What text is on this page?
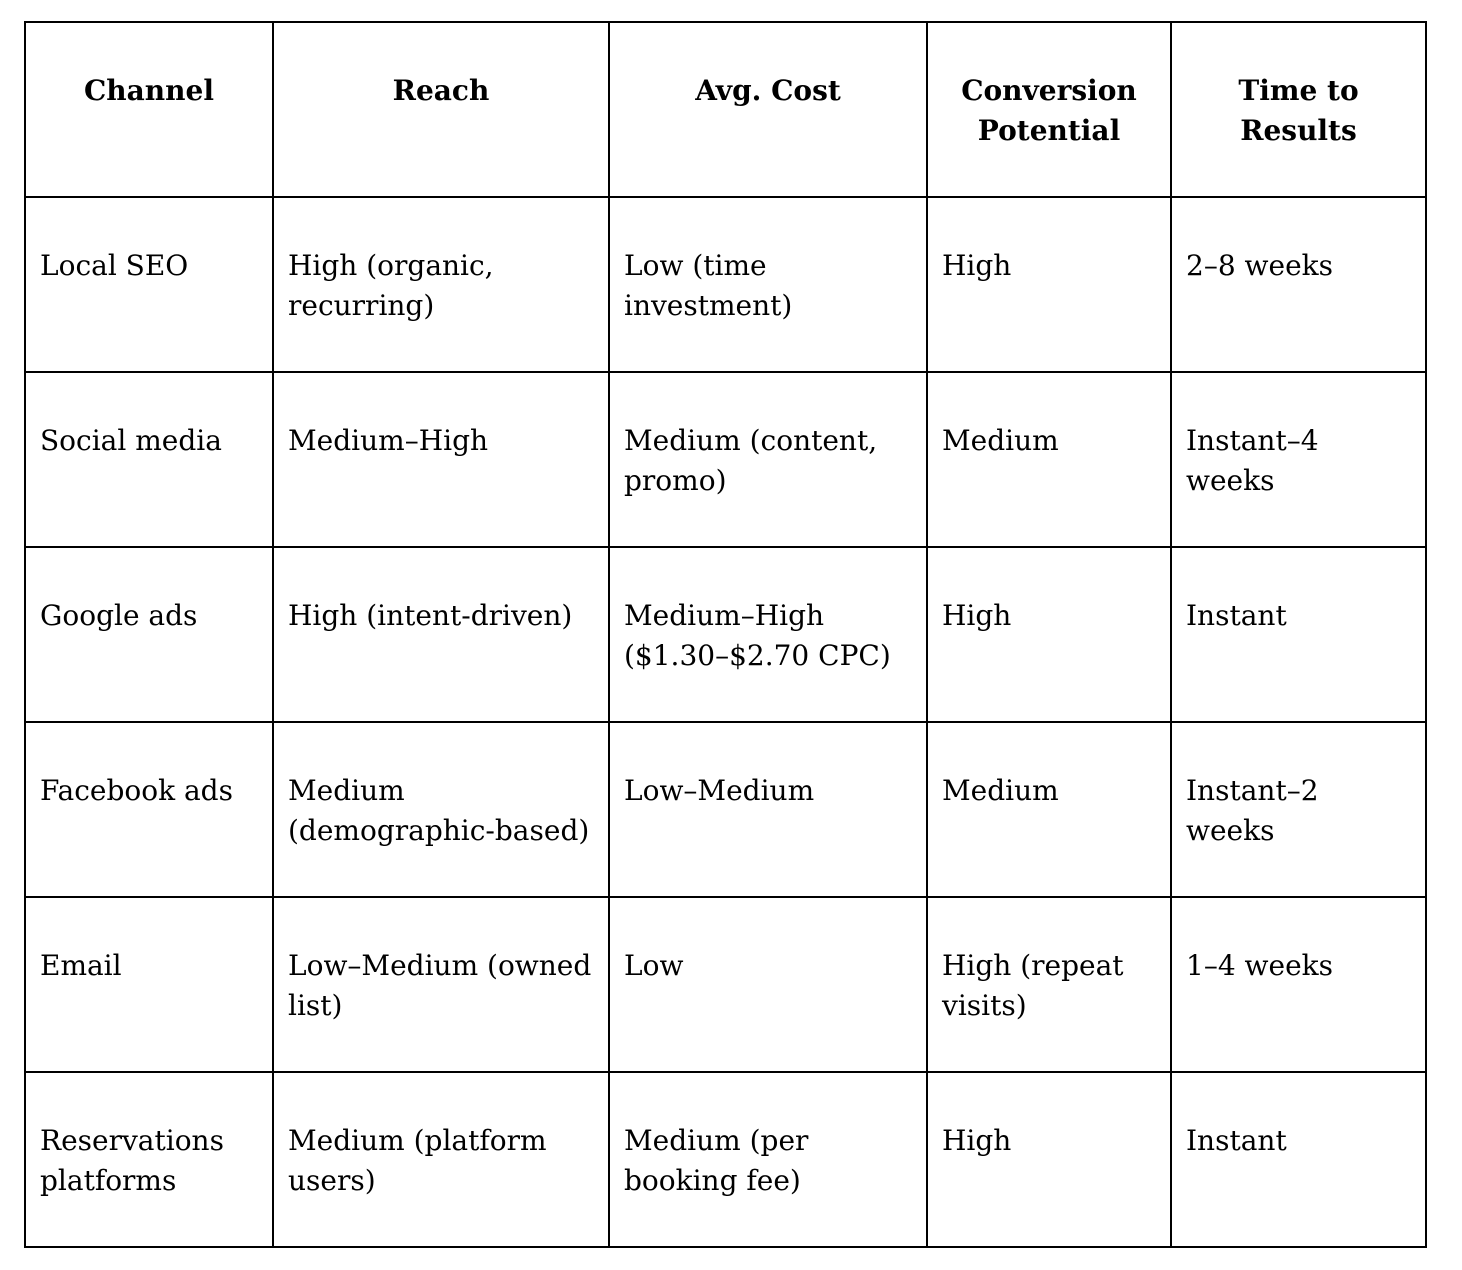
Channel	Reach	Avg. Cost	Conversion Potential	Time to Results
Local SEO	High (organic, recurring)	Low (time investment)	High	2–8 weeks
Social media	Medium–High	Medium (content, promo)	Medium	Instant–4 weeks
Google ads	High (intent-driven)	Medium–High ($1.30–$2.70 CPC)	High	Instant
Facebook ads	Medium (demographic-based)	Low–Medium	Medium	Instant–2 weeks
Email	Low–Medium (owned list)	Low	High (repeat visits)	1–4 weeks
Reservations platforms	Medium (platform users)	Medium (per booking fee)	High	Instant
